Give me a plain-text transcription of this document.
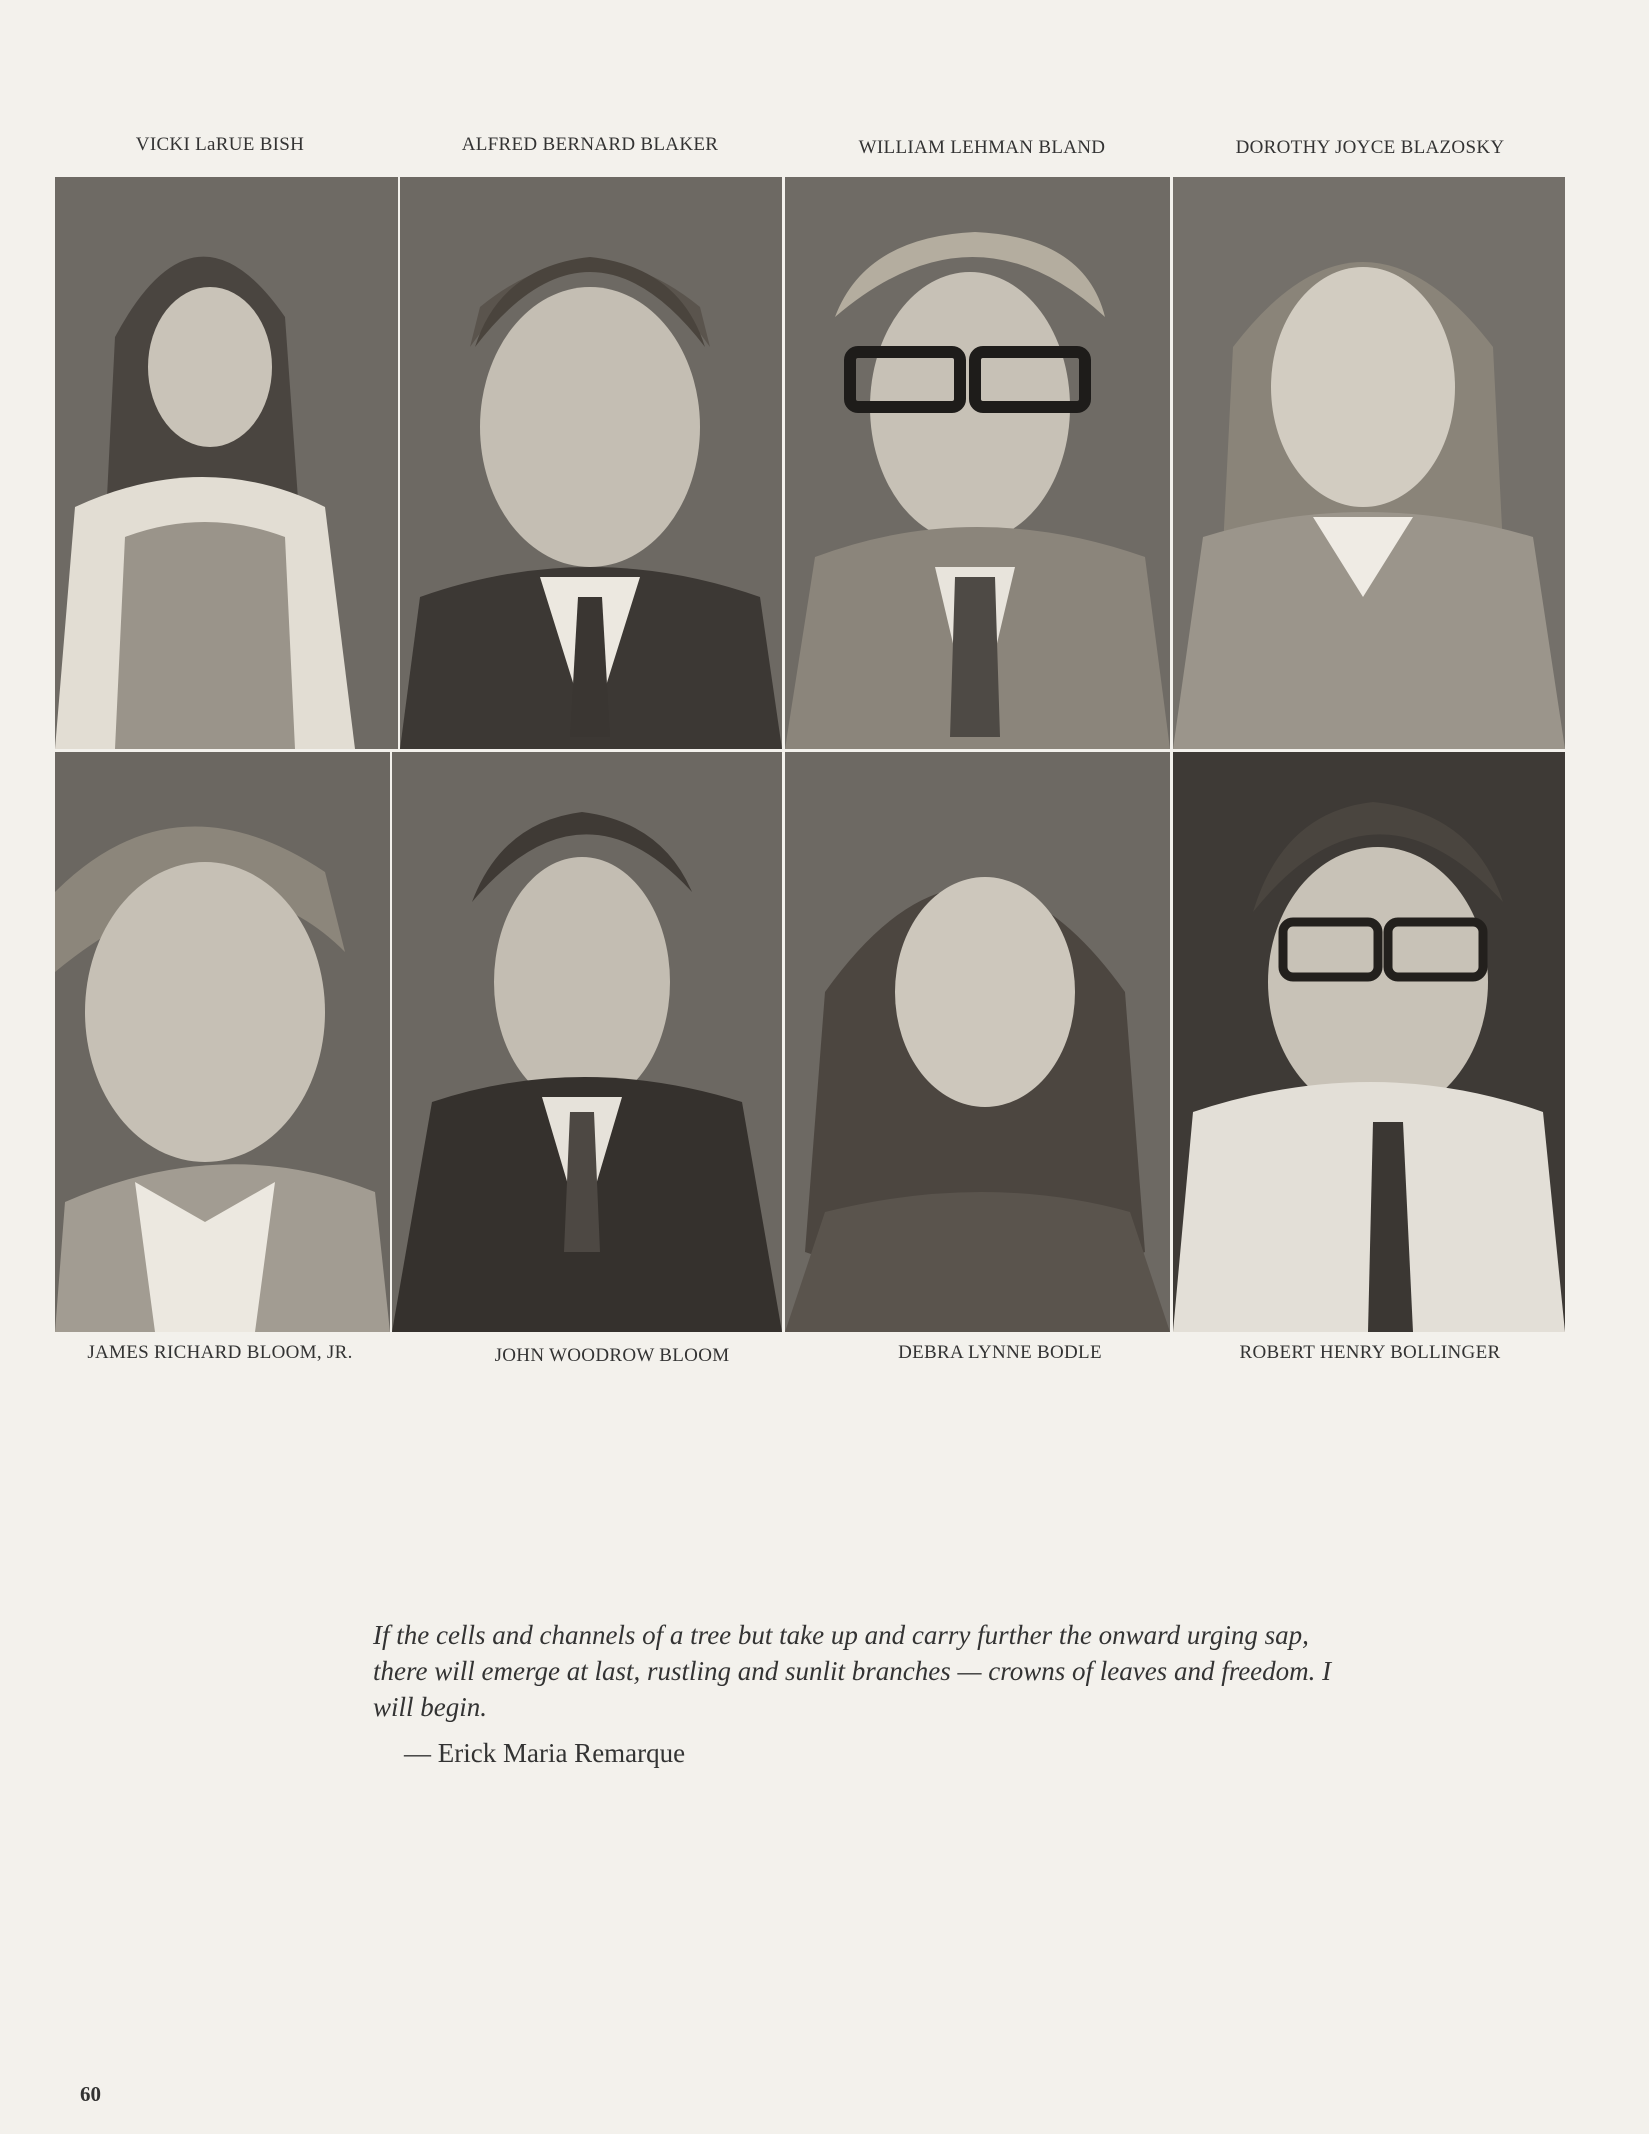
VICKI LaRUE BISH	ALFRED BERNARD BLAKER	WILLIAM LEHMAN BLAND	DOROTHY JOYCE BLAZOSKY
JAMES RICHARD BLOOM, JR.	JOHN WOODROW BLOOM	DEBRA LYNNE BODLE	ROBERT HENRY BOLLINGER
If the cells and channels of a tree but take up and carry further the onward urging sap, there will emerge at last, rustling and sunlit branches — crowns of leaves and freedom. I will begin.
— Erick Maria Remarque
60
